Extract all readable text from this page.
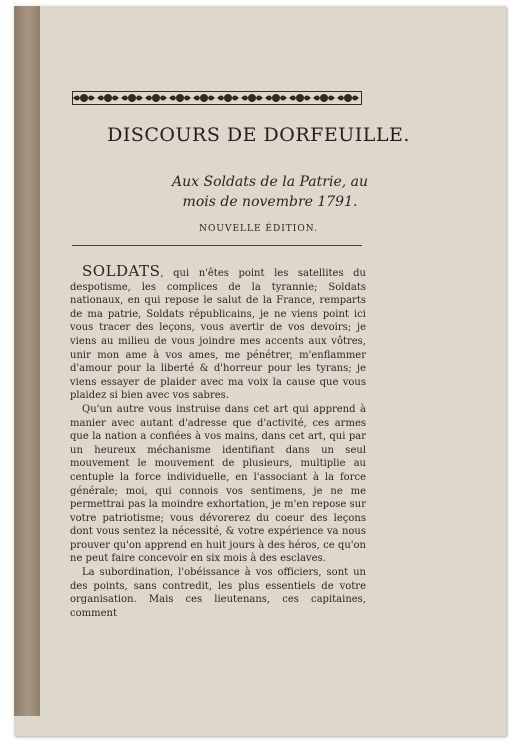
DISCOURS DE DORFEUILLE.
Aux Soldats de la Patrie, au mois de novembre 1791.
NOUVELLE ÉDITION.

SOLDATS, qui n'êtes point les satellites du despotisme, les complices de la tyrannie; Soldats nationaux, en qui repose le salut de la France, remparts de ma patrie, Soldats républicains, je ne viens point ici vous tracer des leçons, vous avertir de vos devoirs; je viens au milieu de vous joindre mes accents aux vôtres, unir mon ame à vos ames, me pénétrer, m'enflammer d'amour pour la liberté & d'horreur pour les tyrans; je viens essayer de plaider avec ma voix la cause que vous plaidez si bien avec vos sabres.

Qu'un autre vous instruise dans cet art qui apprend à manier avec autant d'adresse que d'activité, ces armes que la nation a confiées à vos mains, dans cet art, qui par un heureux méchanisme identifiant dans un seul mouvement le mouvement de plusieurs, multiplie au centuple la force individuelle, en l'associant à la force générale; moi, qui connois vos sentimens, je ne me permettrai pas la moindre exhortation, je m'en repose sur votre patriotisme; vous dévorerez du coeur des leçons dont vous sentez la nécessité, & votre expérience va nous prouver qu'on apprend en huit jours à des héros, ce qu'on ne peut faire concevoir en six mois à des esclaves.

La subordination, l'obéissance à vos officiers, sont un des points, sans contredit, les plus essentiels de votre organisation. Mais ces lieutenans, ces capitaines, comment
